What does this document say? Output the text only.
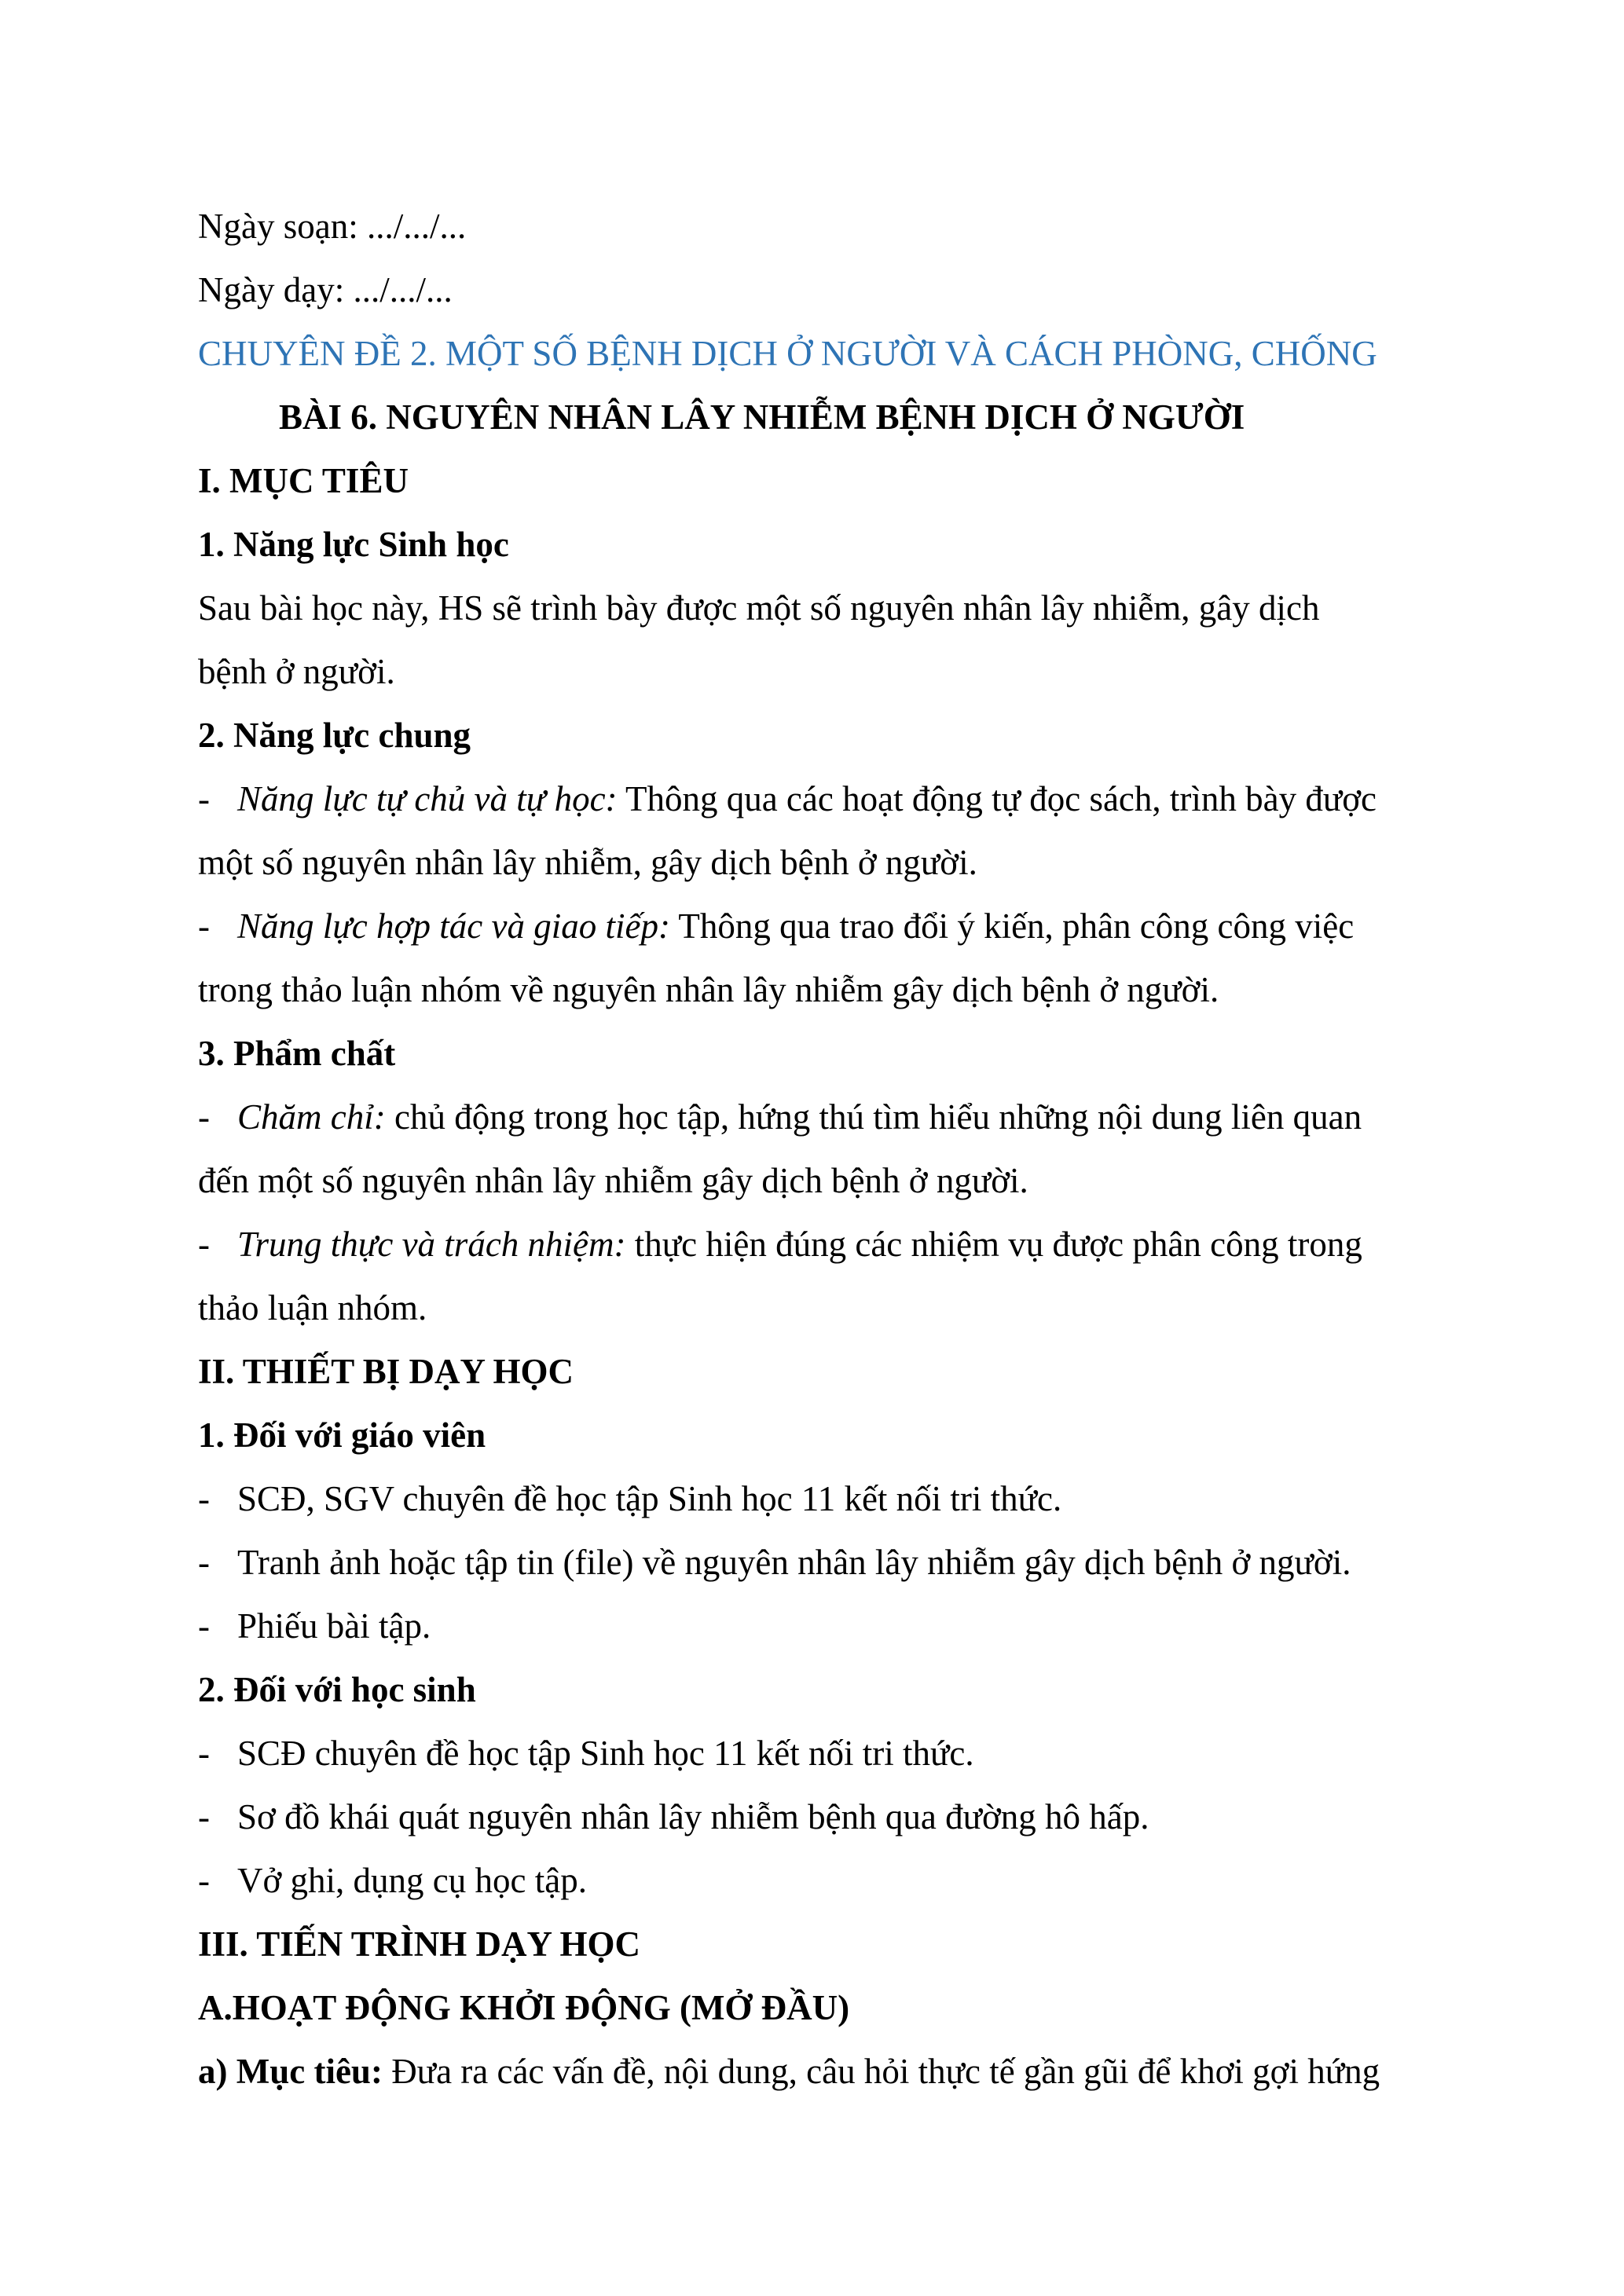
Ngày soạn: .../.../...

Ngày dạy: .../.../...

CHUYÊN ĐỀ 2. MỘT SỐ BỆNH DỊCH Ở NGƯỜI VÀ CÁCH PHÒNG, CHỐNG

BÀI 6. NGUYÊN NHÂN LÂY NHIỄM BỆNH DỊCH Ở NGƯỜI

I. MỤC TIÊU

1. Năng lực Sinh học

Sau bài học này, HS sẽ trình bày được một số nguyên nhân lây nhiễm, gây dịch

bệnh ở người.

2. Năng lực chung

- Năng lực tự chủ và tự học: Thông qua các hoạt động tự đọc sách, trình bày được

một số nguyên nhân lây nhiễm, gây dịch bệnh ở người.

- Năng lực hợp tác và giao tiếp: Thông qua trao đổi ý kiến, phân công công việc

trong thảo luận nhóm về nguyên nhân lây nhiễm gây dịch bệnh ở người.

3. Phẩm chất

- Chăm chỉ: chủ động trong học tập, hứng thú tìm hiểu những nội dung liên quan

đến một số nguyên nhân lây nhiễm gây dịch bệnh ở người.

- Trung thực và trách nhiệm: thực hiện đúng các nhiệm vụ được phân công trong

thảo luận nhóm.

II. THIẾT BỊ DẠY HỌC

1. Đối với giáo viên

- SCĐ, SGV chuyên đề học tập Sinh học 11 kết nối tri thức.

- Tranh ảnh hoặc tập tin (file) về nguyên nhân lây nhiễm gây dịch bệnh ở người.

- Phiếu bài tập.

2. Đối với học sinh

- SCĐ chuyên đề học tập Sinh học 11 kết nối tri thức.

- Sơ đồ khái quát nguyên nhân lây nhiễm bệnh qua đường hô hấp.

- Vở ghi, dụng cụ học tập.

III. TIẾN TRÌNH DẠY HỌC

A.HOẠT ĐỘNG KHỞI ĐỘNG (MỞ ĐẦU)

a) Mục tiêu: Đưa ra các vấn đề, nội dung, câu hỏi thực tế gần gũi để khơi gợi hứng
